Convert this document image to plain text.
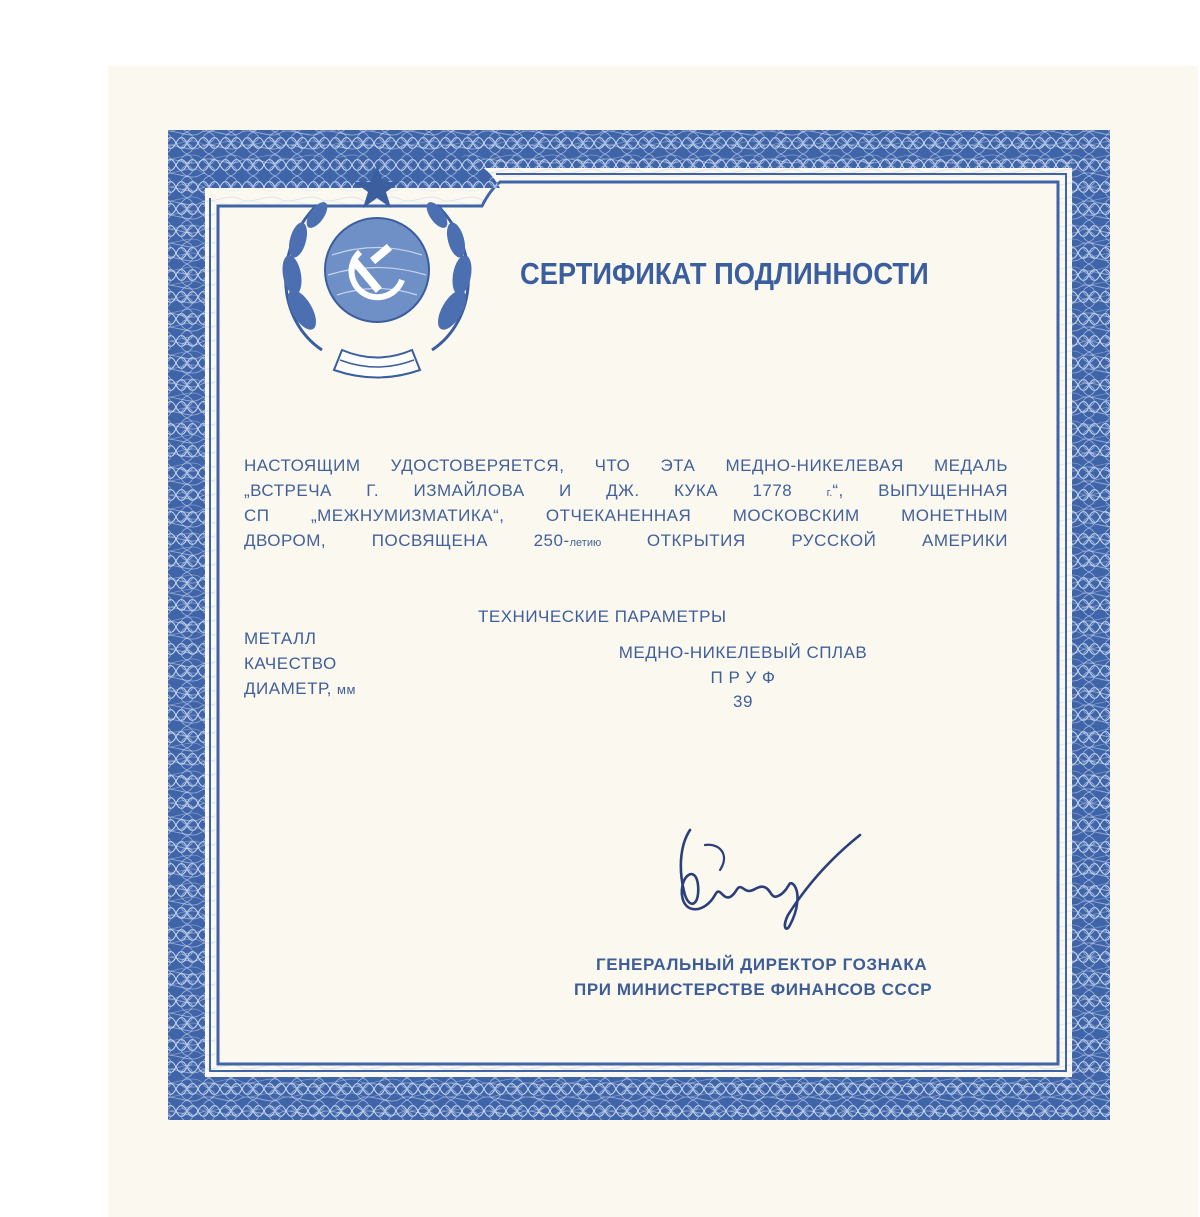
СЕРТИФИКАТ ПОДЛИННОСТИ
НАСТОЯЩИМ УДОСТОВЕРЯЕТСЯ, ЧТО ЭТА МЕДНО-НИКЕЛЕВАЯ МЕДАЛЬ
„ВСТРЕЧА Г. ИЗМАЙЛОВА И ДЖ. КУКА 1778	г.“, ВЫПУЩЕННАЯ
СП „МЕЖНУМИЗМАТИКА“, ОТЧЕКАНЕННАЯ МОСКОВСКИМ МОНЕТНЫМ
ДВОРОМ, ПОСВЯЩЕНА 250-летию	ОТКРЫТИЯ РУССКОЙ АМЕРИКИ
ТЕХНИЧЕСКИЕ ПАРАМЕТРЫ
МЕТАЛЛ
КАЧЕСТВО
ДИАМЕТР, мм
МЕДНО-НИКЕЛЕВЫЙ СПЛАВ
П Р У Ф
39
ГЕНЕРАЛЬНЫЙ ДИРЕКТОР ГОЗНАКА
ПРИ МИНИСТЕРСТВЕ ФИНАНСОВ СССР
